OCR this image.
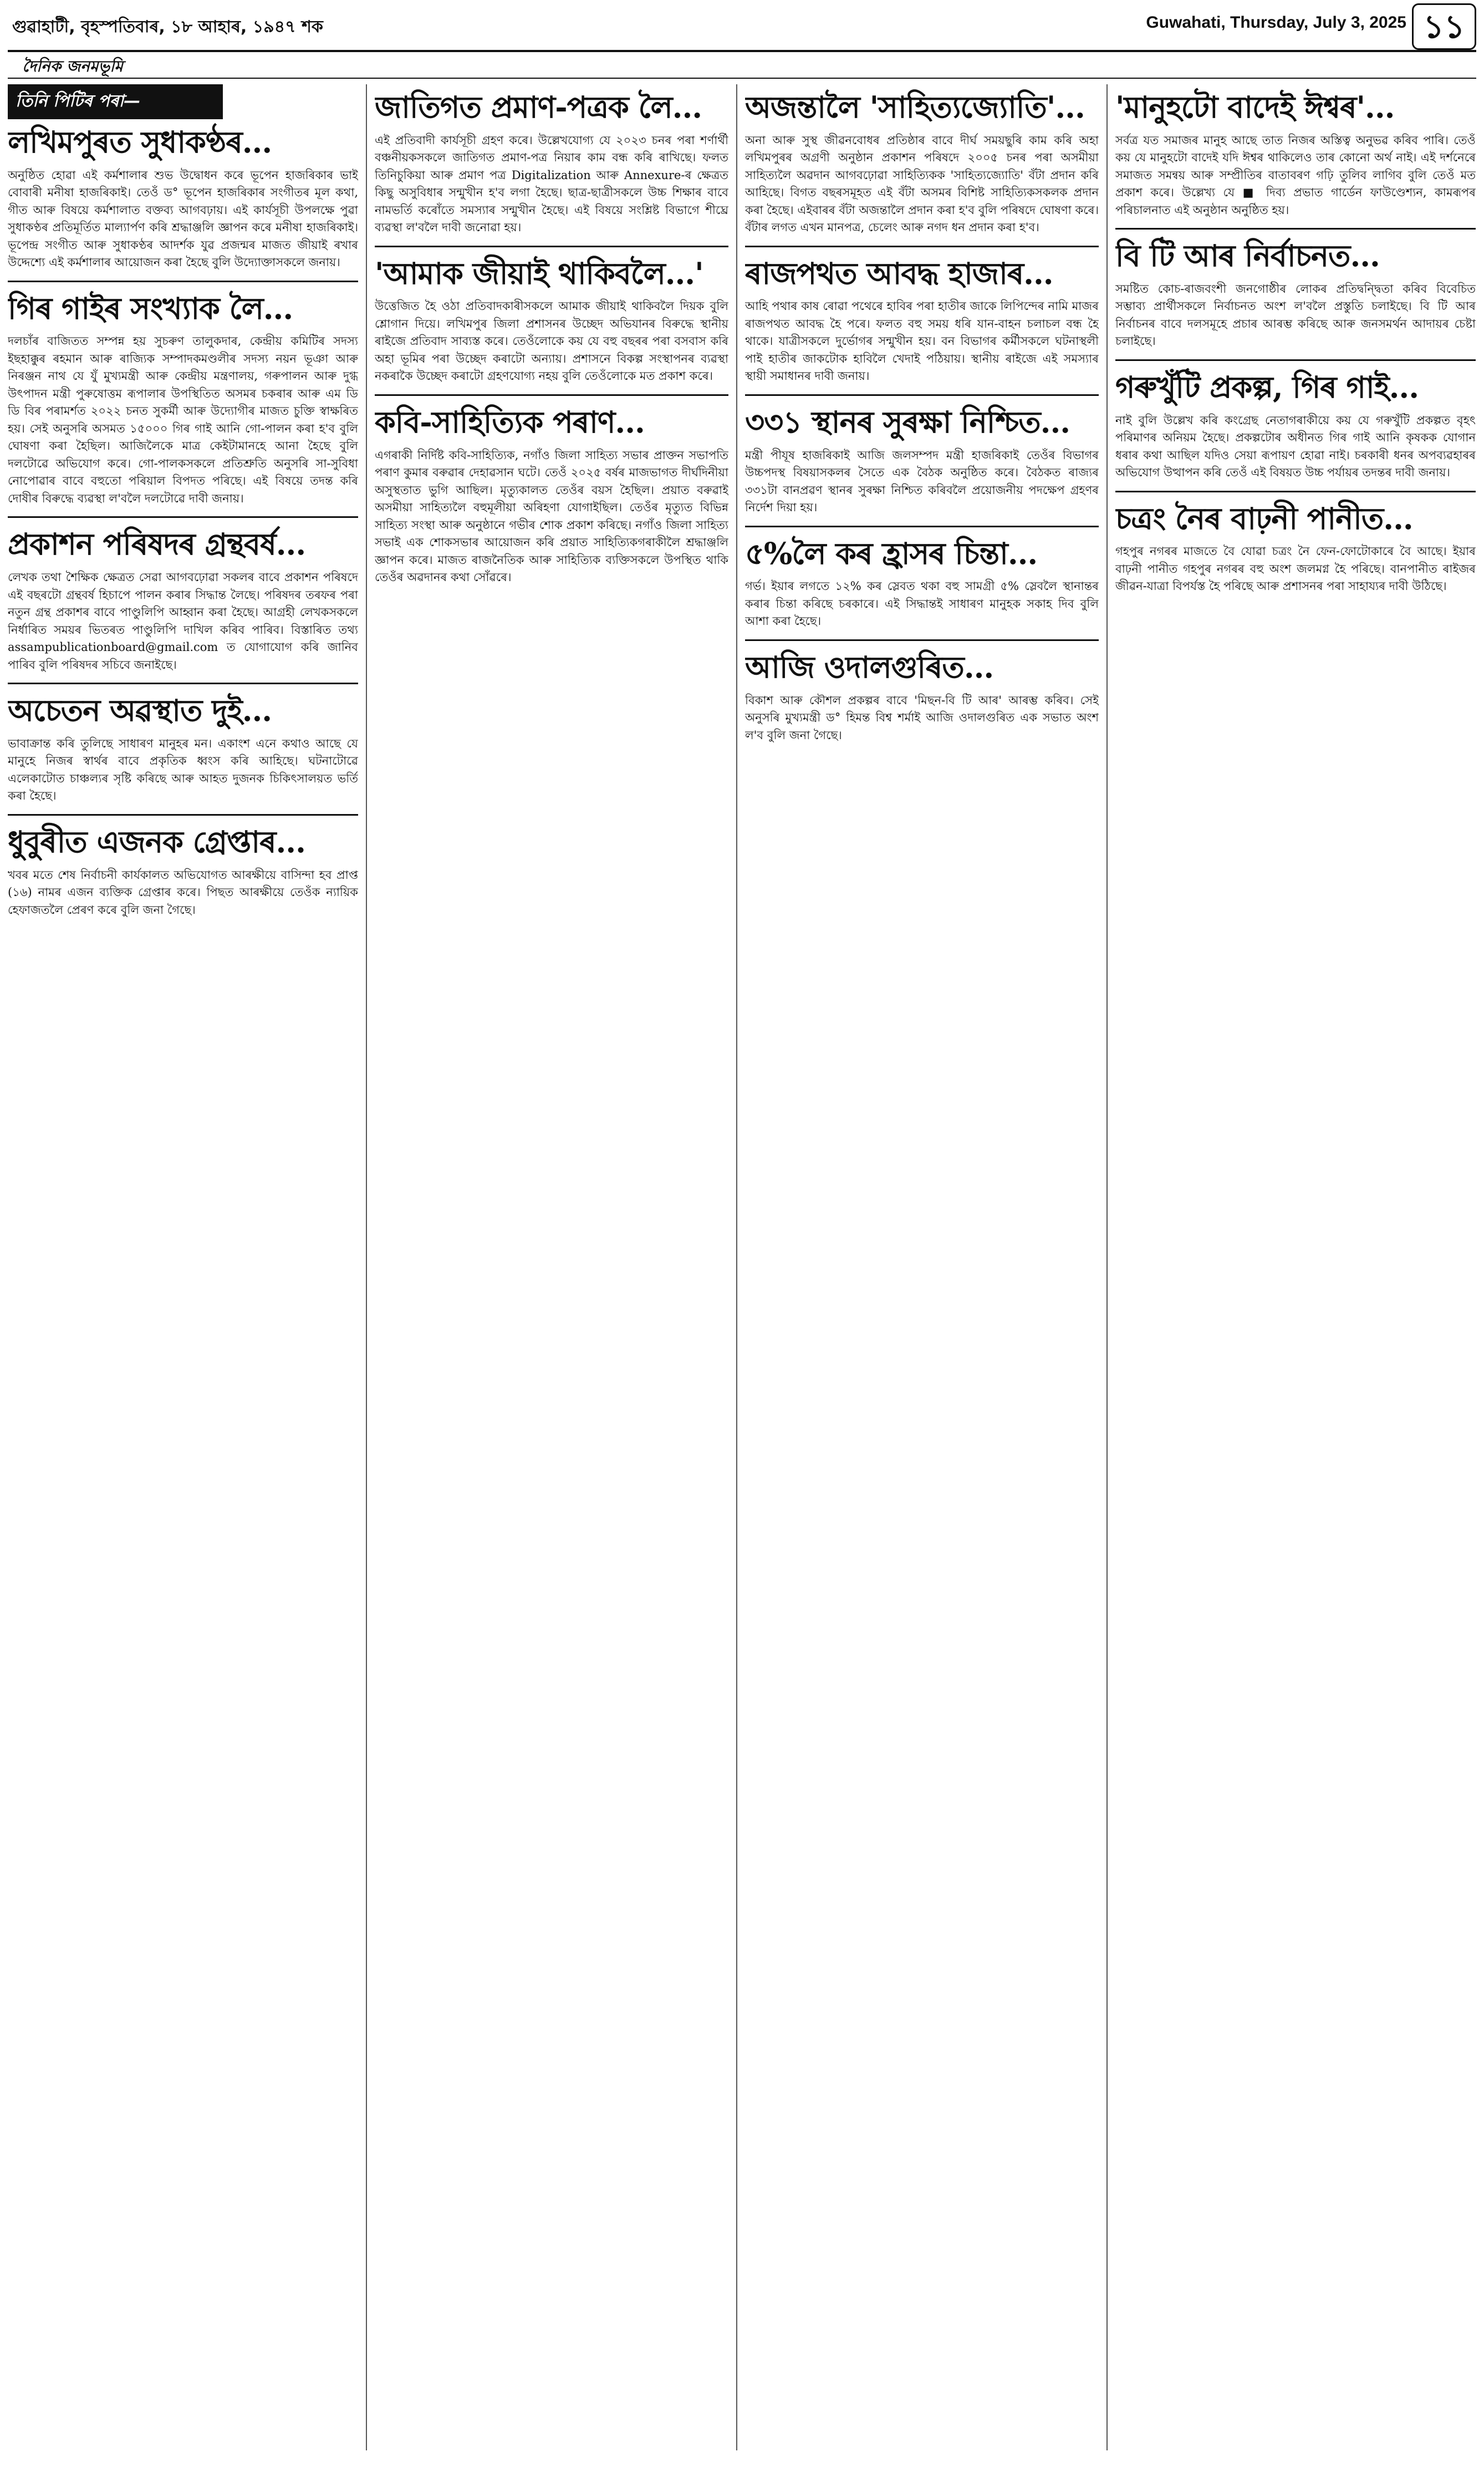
গুৱাহাটী, বৃহস্পতিবাৰ, ১৮ আহাৰ, ১৯৪৭ শক	Guwahati, Thursday, July 3, 2025 ১১
দৈনিক জনমভূমি
তিনি পিটিৰ পৰা—
লখিমপুৰত সুধাকণ্ঠৰ...

অনুষ্ঠিত হোৱা এই কৰ্মশালাৰ শুভ উদ্বোধন কৰে ভূপেন হাজৰিকাৰ ভাই বোবাৰী মনীষা হাজৰিকাই। তেওঁ ড° ভূপেন হাজৰিকাৰ সংগীতৰ মূল কথা, গীত আৰু বিষয়ে কৰ্মশালাত বক্তব্য আগবঢ়ায়। এই কাৰ্যসূচী উপলক্ষে পুৱা সুধাকণ্ঠৰ প্ৰতিমূৰ্তিত মাল্যাৰ্পণ কৰি শ্ৰদ্ধাঞ্জলি জ্ঞাপন কৰে মনীষা হাজৰিকাই। ভূপেন্দ্ৰ সংগীত আৰু সুধাকণ্ঠৰ আদৰ্শক যুৱ প্ৰজন্মৰ মাজত জীয়াই ৰখাৰ উদ্দেশ্যে এই কৰ্মশালাৰ আয়োজন কৰা হৈছে বুলি উদ্যোক্তাসকলে জনায়।

গিৰ গাইৰ সংখ্যাক লৈ...

দলচাঁৰ বাজিতত সম্পন্ন হয় সুচৰুণ তালুকদাৰ, কেন্দ্ৰীয় কমিটিৰ সদস্য ইছহাক্কুৰ ৰহমান আৰু ৰাজ্যিক সম্পাদকমণ্ডলীৰ সদস্য নয়ন ভূঞা আৰু নিৰঞ্জন নাথ যে যুঁ মুখ্যমন্ত্ৰী আৰু কেন্দ্ৰীয় মন্ত্ৰণালয়, গৰুপালন আৰু দুগ্ধ উৎপাদন মন্ত্ৰী পুৰুষোত্তম ৰূপালাৰ উপস্থিতিত অসমৰ চকৰাৰ আৰু এম ডি ডি বিৰ পৰামৰ্শত ২০২২ চনত সুকৰ্মী আৰু উদ্যোগীৰ মাজত চুক্তি স্বাক্ষৰিত হয়। সেই অনুসৰি অসমত ১৫০০০ গিৰ গাই আনি গো-পালন কৰা হ'ব বুলি ঘোষণা কৰা হৈছিল। আজিলৈকে মাত্ৰ কেইটামানহে আনা হৈছে বুলি দলটোৱে অভিযোগ কৰে। গো-পালকসকলে প্ৰতিশ্ৰুতি অনুসৰি সা-সুবিধা নোপোৱাৰ বাবে বহুতো পৰিয়াল বিপদত পৰিছে। এই বিষয়ে তদন্ত কৰি দোষীৰ বিৰুদ্ধে ব্যৱস্থা ল'বলৈ দলটোৱে দাবী জনায়।

প্ৰকাশন পৰিষদৰ গ্ৰন্থবৰ্ষ...

লেখক তথা শৈক্ষিক ক্ষেত্ৰত সেৱা আগবঢ়োৱা সকলৰ বাবে প্ৰকাশন পৰিষদে এই বছৰটো গ্ৰন্থবৰ্ষ হিচাপে পালন কৰাৰ সিদ্ধান্ত লৈছে। পৰিষদৰ তৰফৰ পৰা নতুন গ্ৰন্থ প্ৰকাশৰ বাবে পাণ্ডুলিপি আহ্বান কৰা হৈছে। আগ্ৰহী লেখকসকলে নিৰ্ধাৰিত সময়ৰ ভিতৰত পাণ্ডুলিপি দাখিল কৰিব পাৰিব। বিস্তাৰিত তথ্য assampublicationboard@gmail.com ত যোগাযোগ কৰি জানিব পাৰিব বুলি পৰিষদৰ সচিবে জনাইছে।

অচেতন অৱস্থাত দুই...

ভাবাক্ৰান্ত কৰি তুলিছে সাধাৰণ মানুহৰ মন। একাংশ এনে কথাও আছে যে মানুহে নিজৰ স্বাৰ্থৰ বাবে প্ৰকৃতিক ধ্বংস কৰি আহিছে। ঘটনাটোৱে এলেকাটোত চাঞ্চল্যৰ সৃষ্টি কৰিছে আৰু আহত দুজনক চিকিৎসালয়ত ভৰ্তি কৰা হৈছে।

ধুবুৰীত এজনক গ্ৰেপ্তাৰ...

খবৰ মতে শেষ নিৰ্বাচনী কাৰ্যকালত অভিযোগত আৰক্ষীয়ে বাসিন্দা হব প্ৰাপ্ত (১৬) নামৰ এজন ব্যক্তিক গ্ৰেপ্তাৰ কৰে। পিছত আৰক্ষীয়ে তেওঁক ন্যায়িক হেফাজতলৈ প্ৰেৰণ কৰে বুলি জনা গৈছে।

জাতিগত প্ৰমাণ-পত্ৰক লৈ...

এই প্ৰতিবাদী কাৰ্যসূচী গ্ৰহণ কৰে। উল্লেখযোগ্য যে ২০২৩ চনৰ পৰা শৰ্ণাৰ্থী বঞ্চনীয়কসকলে জাতিগত প্ৰমাণ-পত্ৰ নিয়াৰ কাম বন্ধ কৰি ৰাখিছে। ফলত তিনিচুকিয়া আৰু প্ৰমাণ পত্ৰ Digitalization আৰু Annexure-ৰ ক্ষেত্ৰত কিছু অসুবিধাৰ সন্মুখীন হ'ব লগা হৈছে। ছাত্ৰ-ছাত্ৰীসকলে উচ্চ শিক্ষাৰ বাবে নামভৰ্তি কৰোঁতে সমস্যাৰ সন্মুখীন হৈছে। এই বিষয়ে সংশ্লিষ্ট বিভাগে শীঘ্ৰে ব্যৱস্থা ল'বলৈ দাবী জনোৱা হয়।

'আমাক জীয়াই থাকিবলৈ...'

উত্তেজিত হৈ ওঠা প্ৰতিবাদকাৰীসকলে আমাক জীয়াই থাকিবলৈ দিয়ক বুলি শ্লোগান দিয়ে। লখিমপুৰ জিলা প্ৰশাসনৰ উচ্ছেদ অভিযানৰ বিৰুদ্ধে স্থানীয় ৰাইজে প্ৰতিবাদ সাব্যস্ত কৰে। তেওঁলোকে কয় যে বহু বছৰৰ পৰা বসবাস কৰি অহা ভূমিৰ পৰা উচ্ছেদ কৰাটো অন্যায়। প্ৰশাসনে বিকল্প সংস্থাপনৰ ব্যৱস্থা নকৰাকৈ উচ্ছেদ কৰাটো গ্ৰহণযোগ্য নহয় বুলি তেওঁলোকে মত প্ৰকাশ কৰে।

কবি-সাহিত্যিক পৰাণ...

এগৰাকী নিৰ্দিষ্ট কবি-সাহিত্যিক, নগাঁও জিলা সাহিত্য সভাৰ প্ৰাক্তন সভাপতি পৰাণ কুমাৰ বৰুৱাৰ দেহাৱসান ঘটে। তেওঁ ২০২৫ বৰ্ষৰ মাজভাগত দীৰ্ঘদিনীয়া অসুস্থতাত ভুগি আছিল। মৃত্যুকালত তেওঁৰ বয়স হৈছিল। প্ৰয়াত বৰুৱাই অসমীয়া সাহিত্যলৈ বহুমূলীয়া অৰিহণা যোগাইছিল। তেওঁৰ মৃত্যুত বিভিন্ন সাহিত্য সংস্থা আৰু অনুষ্ঠানে গভীৰ শোক প্ৰকাশ কৰিছে। নগাঁও জিলা সাহিত্য সভাই এক শোকসভাৰ আয়োজন কৰি প্ৰয়াত সাহিত্যিকগৰাকীলৈ শ্ৰদ্ধাঞ্জলি জ্ঞাপন কৰে। মাজত ৰাজনৈতিক আৰু সাহিত্যিক ব্যক্তিসকলে উপস্থিত থাকি তেওঁৰ অৱদানৰ কথা সোঁৱৰে।

অজন্তালৈ 'সাহিত্যজ্যোতি'...

অনা আৰু সুস্থ জীৱনবোধৰ প্ৰতিষ্ঠাৰ বাবে দীৰ্ঘ সময়ছুৰি কাম কৰি অহা লখিমপুৰৰ অগ্ৰণী অনুষ্ঠান প্ৰকাশন পৰিষদে ২০০৫ চনৰ পৰা অসমীয়া সাহিত্যলৈ অৱদান আগবঢ়োৱা সাহিত্যিকক 'সাহিত্যজ্যোতি' বঁটা প্ৰদান কৰি আহিছে। বিগত বছৰসমূহত এই বঁটা অসমৰ বিশিষ্ট সাহিত্যিকসকলক প্ৰদান কৰা হৈছে। এইবাৰৰ বঁটা অজন্তালৈ প্ৰদান কৰা হ'ব বুলি পৰিষদে ঘোষণা কৰে। বঁটাৰ লগত এখন মানপত্ৰ, চেলেং আৰু নগদ ধন প্ৰদান কৰা হ'ব।

ৰাজপথত আবদ্ধ হাজাৰ...

আহি পথাৰ কাষ ৰোৱা পথেৰে হাবিৰ পৰা হাতীৰ জাকে লিপিন্দেৰ নামি মাজৰ ৰাজপথত আবদ্ধ হৈ পৰে। ফলত বহু সময় ধৰি যান-বাহন চলাচল বন্ধ হৈ থাকে। যাত্ৰীসকলে দুৰ্ভোগৰ সন্মুখীন হয়। বন বিভাগৰ কৰ্মীসকলে ঘটনাস্থলী পাই হাতীৰ জাকটোক হাবিলৈ খেদাই পঠিয়ায়। স্থানীয় ৰাইজে এই সমস্যাৰ স্থায়ী সমাধানৰ দাবী জনায়।

৩৩১ স্থানৰ সুৰক্ষা নিশ্চিত...

মন্ত্ৰী পীযূষ হাজৰিকাই আজি জলসম্পদ মন্ত্ৰী হাজৰিকাই তেওঁৰ বিভাগৰ উচ্চপদস্থ বিষয়াসকলৰ সৈতে এক বৈঠক অনুষ্ঠিত কৰে। বৈঠকত ৰাজ্যৰ ৩৩১টা বানপ্ৰৱণ স্থানৰ সুৰক্ষা নিশ্চিত কৰিবলৈ প্ৰয়োজনীয় পদক্ষেপ গ্ৰহণৰ নিৰ্দেশ দিয়া হয়।

৫%লৈ কৰ হ্ৰাসৰ চিন্তা...

গৰ্ভ। ইয়াৰ লগতে ১২% কৰ স্লেবত থকা বহু সামগ্ৰী ৫% স্লেবলৈ স্থানান্তৰ কৰাৰ চিন্তা কৰিছে চৰকাৰে। এই সিদ্ধান্তই সাধাৰণ মানুহক সকাহ দিব বুলি আশা কৰা হৈছে।

আজি ওদালগুৰিত...

বিকাশ আৰু কৌশল প্ৰকল্পৰ বাবে 'মিছন-বি টি আৰ' আৰম্ভ কৰিব। সেই অনুসৰি মুখ্যমন্ত্ৰী ড° হিমন্ত বিশ্ব শৰ্মাই আজি ওদালগুৰিত এক সভাত অংশ ল'ব বুলি জনা গৈছে।

'মানুহটো বাদেই ঈশ্বৰ'...

সৰ্বত্ৰ যত সমাজৰ মানুহ আছে তাত নিজৰ অস্তিত্ব অনুভৱ কৰিব পাৰি। তেওঁ কয় যে মানুহটো বাদেই যদি ঈশ্বৰ থাকিলেও তাৰ কোনো অৰ্থ নাই। এই দৰ্শনেৰে সমাজত সমন্বয় আৰু সম্প্ৰীতিৰ বাতাবৰণ গঢ়ি তুলিব লাগিব বুলি তেওঁ মত প্ৰকাশ কৰে। উল্লেখ্য যে ■ দিব্য প্ৰভাত গাৰ্ডেন ফাউণ্ডেশ্যন, কামৰূপৰ পৰিচালনাত এই অনুষ্ঠান অনুষ্ঠিত হয়।

বি টি আৰ নিৰ্বাচনত...

সমষ্টিত কোচ-ৰাজবংশী জনগোষ্ঠীৰ লোকৰ প্ৰতিদ্বন্দ্বিতা কৰিব বিবেচিত সম্ভাব্য প্ৰাৰ্থীসকলে নিৰ্বাচনত অংশ ল'বলৈ প্ৰস্তুতি চলাইছে। বি টি আৰ নিৰ্বাচনৰ বাবে দলসমূহে প্ৰচাৰ আৰম্ভ কৰিছে আৰু জনসমৰ্থন আদায়ৰ চেষ্টা চলাইছে।

গৰুখুঁটি প্ৰকল্প, গিৰ গাই...

নাই বুলি উল্লেখ কৰি কংগ্ৰেছ নেতাগৰাকীয়ে কয় যে গৰুখুঁটি প্ৰকল্পত বৃহৎ পৰিমাণৰ অনিয়ম হৈছে। প্ৰকল্পটোৰ অধীনত গিৰ গাই আনি কৃষকক যোগান ধৰাৰ কথা আছিল যদিও সেয়া ৰূপায়ণ হোৱা নাই। চৰকাৰী ধনৰ অপব্যৱহাৰৰ অভিযোগ উত্থাপন কৰি তেওঁ এই বিষয়ত উচ্চ পৰ্যায়ৰ তদন্তৰ দাবী জনায়।

চত্ৰং নৈৰ বাঢ়নী পানীত...

গহপুৰ নগৰৰ মাজতে বৈ যোৱা চত্ৰং নৈ ফেন-ফোটোকাৰে বৈ আছে। ইয়াৰ বাঢ়নী পানীত গহপুৰ নগৰৰ বহু অংশ জলমগ্ন হৈ পৰিছে। বানপানীত ৰাইজৰ জীৱন-যাত্ৰা বিপৰ্যস্ত হৈ পৰিছে আৰু প্ৰশাসনৰ পৰা সাহায্যৰ দাবী উঠিছে।
